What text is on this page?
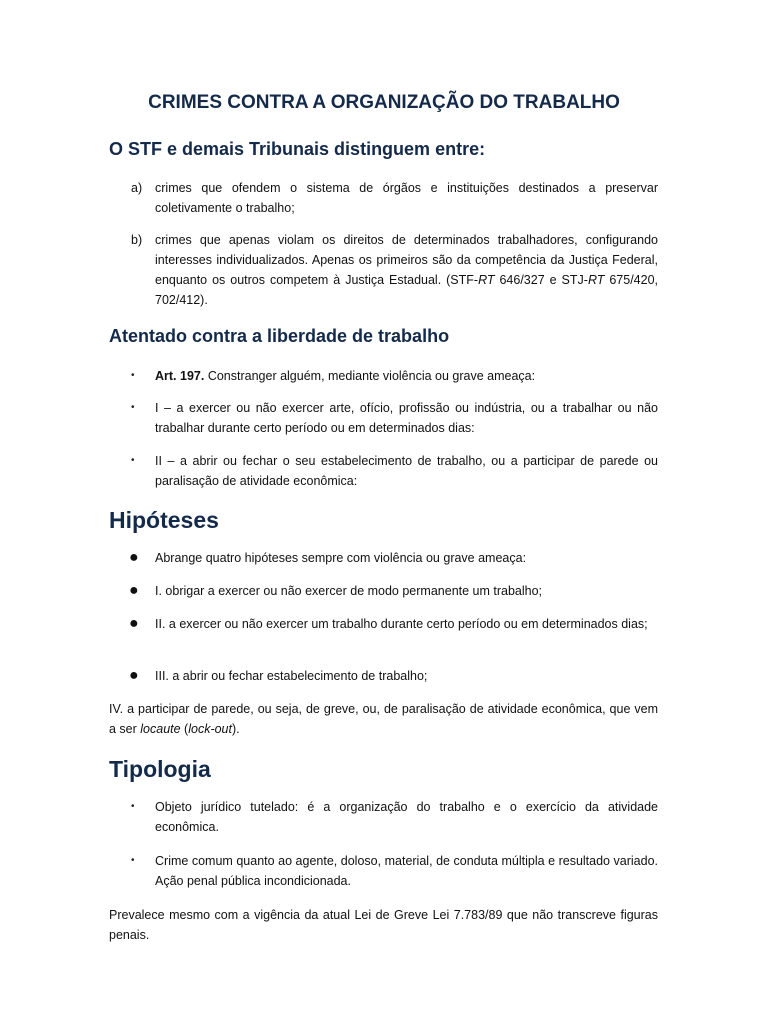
CRIMES CONTRA A ORGANIZAÇÃO DO TRABALHO
O STF e demais Tribunais distinguem entre:
a) crimes que ofendem o sistema de órgãos e instituições destinados a preservar coletivamente o trabalho;
b) crimes que apenas violam os direitos de determinados trabalhadores, configurando interesses individualizados. Apenas os primeiros são da competência da Justiça Federal, enquanto os outros competem à Justiça Estadual. (STF-RT 646/327 e STJ-RT 675/420, 702/412).
Atentado contra a liberdade de trabalho
• Art. 197. Constranger alguém, mediante violência ou grave ameaça:
• I – a exercer ou não exercer arte, ofício, profissão ou indústria, ou a trabalhar ou não trabalhar durante certo período ou em determinados dias:
• II – a abrir ou fechar o seu estabelecimento de trabalho, ou a participar de parede ou paralisação de atividade econômica:
Hipóteses
● Abrange quatro hipóteses sempre com violência ou grave ameaça:
● I. obrigar a exercer ou não exercer de modo permanente um trabalho;
● II. a exercer ou não exercer um trabalho durante certo período ou em determinados dias;
● III. a abrir ou fechar estabelecimento de trabalho;
IV. a participar de parede, ou seja, de greve, ou, de paralisação de atividade econômica, que vem a ser locaute (lock-out).
Tipologia
• Objeto jurídico tutelado: é a organização do trabalho e o exercício da atividade econômica.
• Crime comum quanto ao agente, doloso, material, de conduta múltipla e resultado variado. Ação penal pública incondicionada.
Prevalece mesmo com a vigência da atual Lei de Greve Lei 7.783/89 que não transcreve figuras penais.
